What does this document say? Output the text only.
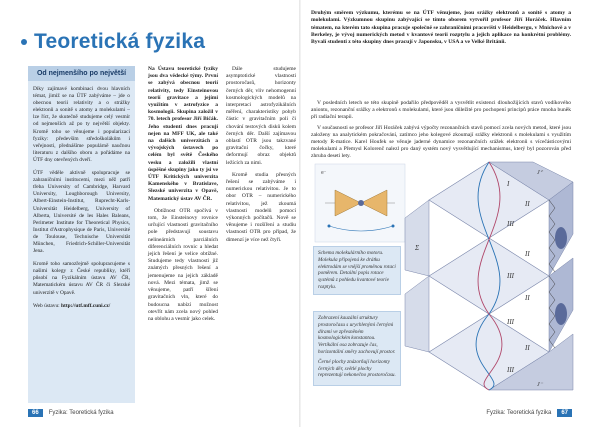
Teoretická fyzika
Od nejmenšího po největší

Díky zajímavé kombinaci dvou hlavních témat, jimiž se na ÚTF zabýváme – jde o obecnou teorii relativity a o strážky elektronů a sonitě s atomy a molekulami – lze říct, že skutečně studujeme celý vesmír od nejmenších až po ty největší objekty. Kromě toho se věnujeme i popularizaci fyziky: především středoškolákům i veřejnosti, přednášíme populárně naučnou literaturu z dalšího oboru a pořádáme na ÚTF dny otevřených dveří.

ÚTF věděle aktivně spolupracuje se zahraničními institucemi, mezi něž patří třeba University of Cambridge, Harvard University, Loughborough University, Albert-Einstein-Institut, Ruprecht-Karls-Universität Heidelberg, University of Alberta, Université de les Hales Baleans, Perimeter Institute for Theoretical Physics, Institut d'Astrophysique de Paris, Université de Toulouse, Technische Universität München, Friedrich-Schiller-Universität Jena.

Kromě toho samozřejmě spolupracujeme s našimi kolegy z České republiky, ktéří působí na Fyzikálním ústavu AV ČR, Matematickém ústavu AV ČR či Slezské univerzitě v Opavě.

Web ústavu: http://utf.mff.cuni.cz/

Na Ústavu teoretické fyziky jsou dva vědecké týmy. První se zabývá obecnou teorií relativity, tedy Einsteinovou teorií gravitace a jejími využitím v astrofyzice a kosmologii. Skupina založil v 70. letech profesor Jiří Bičák. Jeho studenti dnes pracují nejen na MFF UK, ale také na dalších univerzitách a vývojských ústavech po celém byl světě Českého vesku a založili vlastní úspěšné skupiny jako ty jsi ve ÚTF Kritických univerzita Kamenského v Bratislave, Slezské univerzita v Opavě, Matematický ústav AV ČR.

Obtížnost OTR spočívá v tom, že Einsteinovy rovnice určující vlastnosti gravitačního pole představují soustavu nelineárních parciálních diferenciálních rovnic a hledat jejich řešení je velice obtížné. Studujeme tedy vlastnosti již známých přesných řešení a jemenujeme na jejich základě nová. Mezi témata, jimž se věnujeme, patří šíření gravitačních vln, které do budoucna nabízí možnost otevřít nám zcela nový pohled na oblohu a vesmír jako celek.

Dále studujeme asymptotické vlastnosti prostoročasů, horizonty černých děr, vliv nehomogenní kosmologických modelů na interpretaci astrofyzikálních měření, charakteristiky pohyb částic v gravitačním poli či chování testových disků kolem černých děr. Další zajímavou oblastí OTR jsou takzvané gravitační čočky, které deformují obraz objektů ležících za nimi.

Kromě studia přesných řešení se zabýváme i numerickou relativitou. Je to obor OTR – numerického relativitou, jež zkoumá vlastnosti modelů pomocí výkonných počítačů. Nově se věnujeme i rozšíření a studiu vlastností OTR pro případ, že dimenzí je více než čtyři.

Druhým směrem výzkumu, kterému se na ÚTF věnujeme, jsou srážky elektronů a sonitě s atomy a molekulami. Výzkumnou skupinu zabývající se tímto oborem vytvořil profesor Jiří Horáček. Hlavním tématem, na kterém tato skupina pracuje společně se zahraničními pracovišti v Heidelbergu, v Mnichově a v Berkeley, je vývoj numerických metod v kvantové teorii rozptylu a jejich aplikace na konkrétní problémy. Byvalí studenti z této skupiny dnes pracují v Japonsku, v USA a ve Velké Británii.

V posledních letech se této skupině podařilo předpověděl a vysvětlit existenci dlouhožijících stavů vodíkového aniontu, rezonanční srážky a elektronů s molekulami, které jsou důležité pro pochopení principů práce mnoha buněk při radiační terapii.

V současnosti se profesor Jiří Horáček zabývá výpočty rezonančních stavů pomocí zcela nových metod, které jsou založeny na analytickém pokračování, zatímco jeho kolegové zkoumají srážky elektronů s molekulami s využitím metody R-matice. Karel Houfek se věnuje jaderné dynamice rezonančních srážek elektronů s vícečásticovými molekulami a Přemysl Kolorenč nalezl pro daný systém nový vysvětlující mechanismus, který byl pozorován před zhruba deseti lety.

e⁻
I
II
III
II
III
II
III
II
III
Σ
J⁺
J⁻
Schema molekulárního motoru. Molekula připojená ke drátku elektrodám se vnější proměnou rotaci poměrem. Detailní popis rotace systémů z pohledu kvantové teorie rozptylu.

Zobrazení kauzální struktury prostoročasu s urychlenými černými dírami ve zpřesněném kosmologickém konstantou. Vertikální osa zobrazuje čas, horizontální směry zachovují prostor.

Černé plochy znázorňují horizonty černých děr, světlé plochy reprezentují nekonečno prostoročasu.

66	Fyzika: Teoretická fyzika	Fyzika: Teoretická fyzika	67
